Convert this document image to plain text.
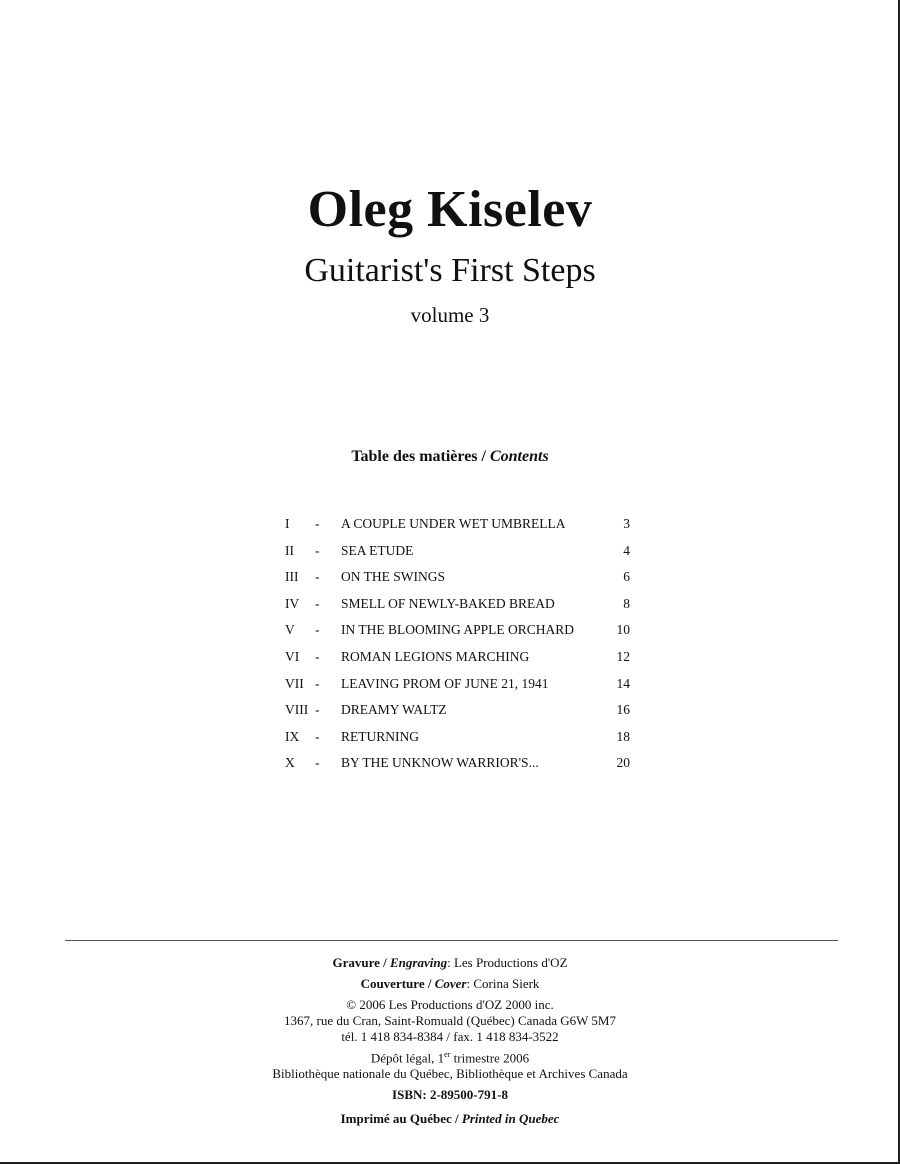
Oleg Kiselev
Guitarist's First Steps
volume 3
Table des matières / Contents
I - A COUPLE UNDER WET UMBRELLA	3
II - SEA ETUDE	4
III - ON THE SWINGS	6
IV - SMELL OF NEWLY-BAKED BREAD	8
V - IN THE BLOOMING APPLE ORCHARD	10
VI - ROMAN LEGIONS MARCHING	12
VII - LEAVING PROM OF JUNE 21, 1941	14
VIII - DREAMY WALTZ	16
IX - RETURNING	18
X - BY THE UNKNOW WARRIOR'S...	20
Gravure / Engraving: Les Productions d'OZ
Couverture / Cover: Corina Sierk
© 2006 Les Productions d'OZ 2000 inc.
1367, rue du Cran, Saint-Romuald (Québec) Canada G6W 5M7
tél. 1 418 834-8384 / fax. 1 418 834-3522
Dépôt légal, 1er trimestre 2006
Bibliothèque nationale du Québec, Bibliothèque et Archives Canada
ISBN: 2-89500-791-8
Imprimé au Québec / Printed in Quebec
